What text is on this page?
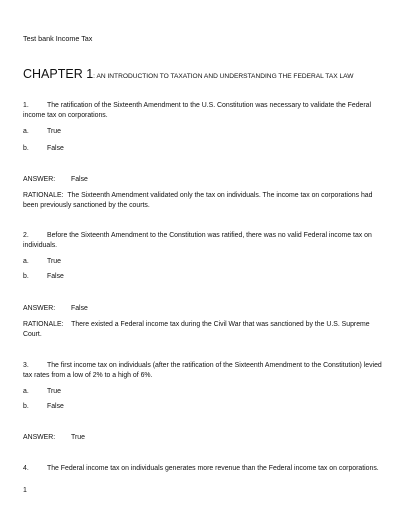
Test bank Income Tax
CHAPTER 1: AN INTRODUCTION TO TAXATION AND UNDERSTANDING THE FEDERAL TAX LAW
1.	The ratification of the Sixteenth Amendment to the U.S. Constitution was necessary to validate the Federal income tax on corporations.
a.	True
b.	False
ANSWER: False
RATIONALE: The Sixteenth Amendment validated only the tax on individuals. The income tax on corporations had been previously sanctioned by the courts.
2.	Before the Sixteenth Amendment to the Constitution was ratified, there was no valid Federal income tax on individuals.
a.	True
b.	False
ANSWER: False
RATIONALE: There existed a Federal income tax during the Civil War that was sanctioned by the U.S. Supreme Court.
3.	The first income tax on individuals (after the ratification of the Sixteenth Amendment to the Constitution) levied tax rates from a low of 2% to a high of 6%.
a.	True
b.	False
ANSWER: True
4.	The Federal income tax on individuals generates more revenue than the Federal income tax on corporations.
1
